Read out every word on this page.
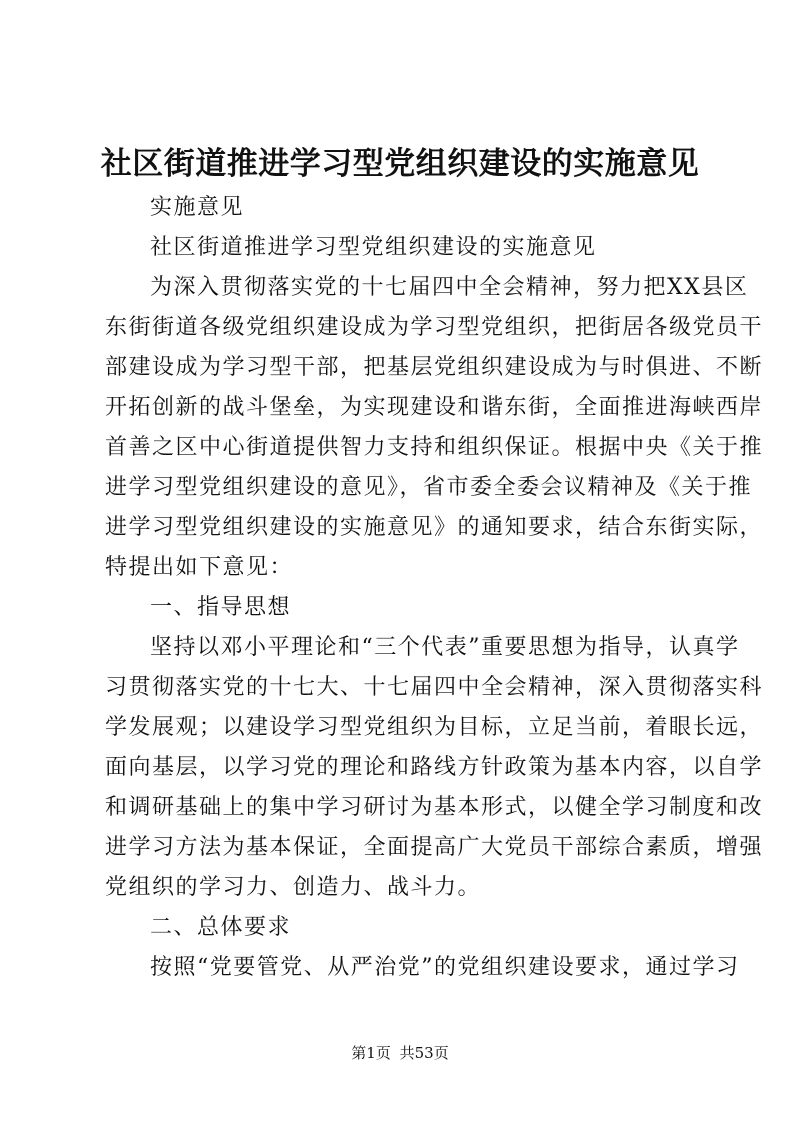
社区街道推进学习型党组织建设的实施意见
实施意见
社区街道推进学习型党组织建设的实施意见
为深入贯彻落实党的十七届四中全会精神，努力把XX县区
东街街道各级党组织建设成为学习型党组织，把街居各级党员干
部建设成为学习型干部，把基层党组织建设成为与时俱进、不断
开拓创新的战斗堡垒，为实现建设和谐东街，全面推进海峡西岸
首善之区中心街道提供智力支持和组织保证。根据中央《关于推
进学习型党组织建设的意见》，省市委全委会议精神及《关于推
进学习型党组织建设的实施意见》的通知要求，结合东街实际，
特提出如下意见：
一、指导思想
坚持以邓小平理论和“三个代表”重要思想为指导，认真学
习贯彻落实党的十七大、十七届四中全会精神，深入贯彻落实科
学发展观；以建设学习型党组织为目标，立足当前，着眼长远，
面向基层，以学习党的理论和路线方针政策为基本内容，以自学
和调研基础上的集中学习研讨为基本形式，以健全学习制度和改
进学习方法为基本保证，全面提高广大党员干部综合素质，增强
党组织的学习力、创造力、战斗力。
二、总体要求
按照“党要管党、从严治党”的党组织建设要求，通过学习
第1页 共53页
